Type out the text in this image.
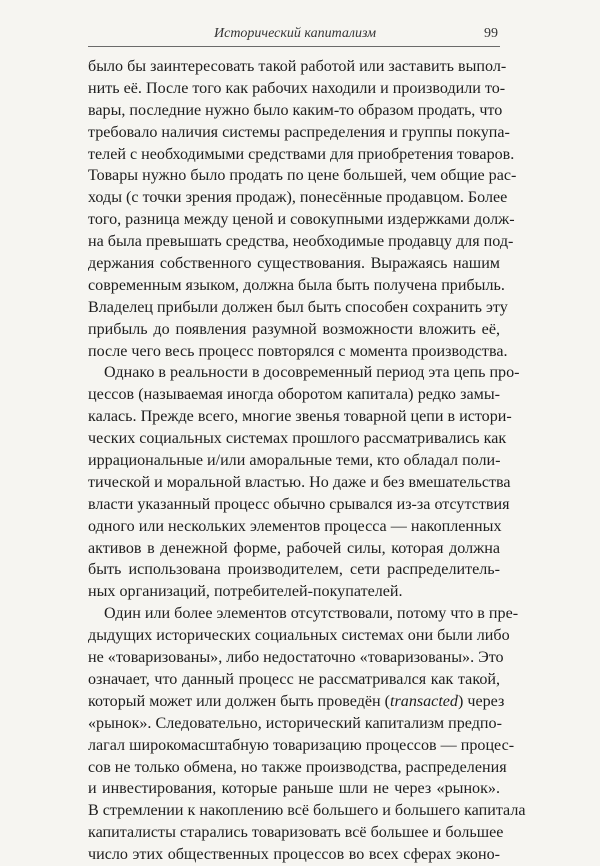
Исторический капитализм	99
было бы заинтересовать такой работой или заставить выпол-
нить её. После того как рабочих находили и производили то-
вары, последние нужно было каким-то образом продать, что
требовало наличия системы распределения и группы покупа-
телей с необходимыми средствами для приобретения товаров.
Товары нужно было продать по цене большей, чем общие рас-
ходы (с точки зрения продаж), понесённые продавцом. Более
того, разница между ценой и совокупными издержками долж-
на была превышать средства, необходимые продавцу для под-
держания собственного существования. Выражаясь нашим
современным языком, должна была быть получена прибыль.
Владелец прибыли должен был быть способен сохранить эту
прибыль до появления разумной возможности вложить её,
после чего весь процесс повторялся с момента производства.
Однако в реальности в досовременный период эта цепь про-
цессов (называемая иногда оборотом капитала) редко замы-
калась. Прежде всего, многие звенья товарной цепи в истори-
ческих социальных системах прошлого рассматривались как
иррациональные и/или аморальные теми, кто обладал поли-
тической и моральной властью. Но даже и без вмешательства
власти указанный процесс обычно срывался из-за отсутствия
одного или нескольких элементов процесса — накопленных
активов в денежной форме, рабочей силы, которая должна
быть использована производителем, сети распределитель-
ных организаций, потребителей-покупателей.
Один или более элементов отсутствовали, потому что в пре-
дыдущих исторических социальных системах они были либо
не «товаризованы», либо недостаточно «товаризованы». Это
означает, что данный процесс не рассматривался как такой,
который может или должен быть проведён (transacted) через
«рынок». Следовательно, исторический капитализм предпо-
лагал широкомасштабную товаризацию процессов — процес-
сов не только обмена, но также производства, распределения
и инвестирования, которые раньше шли не через «рынок».
В стремлении к накоплению всё большего и большего капитала
капиталисты старались товаризовать всё большее и большее
число этих общественных процессов во всех сферах эконо-
